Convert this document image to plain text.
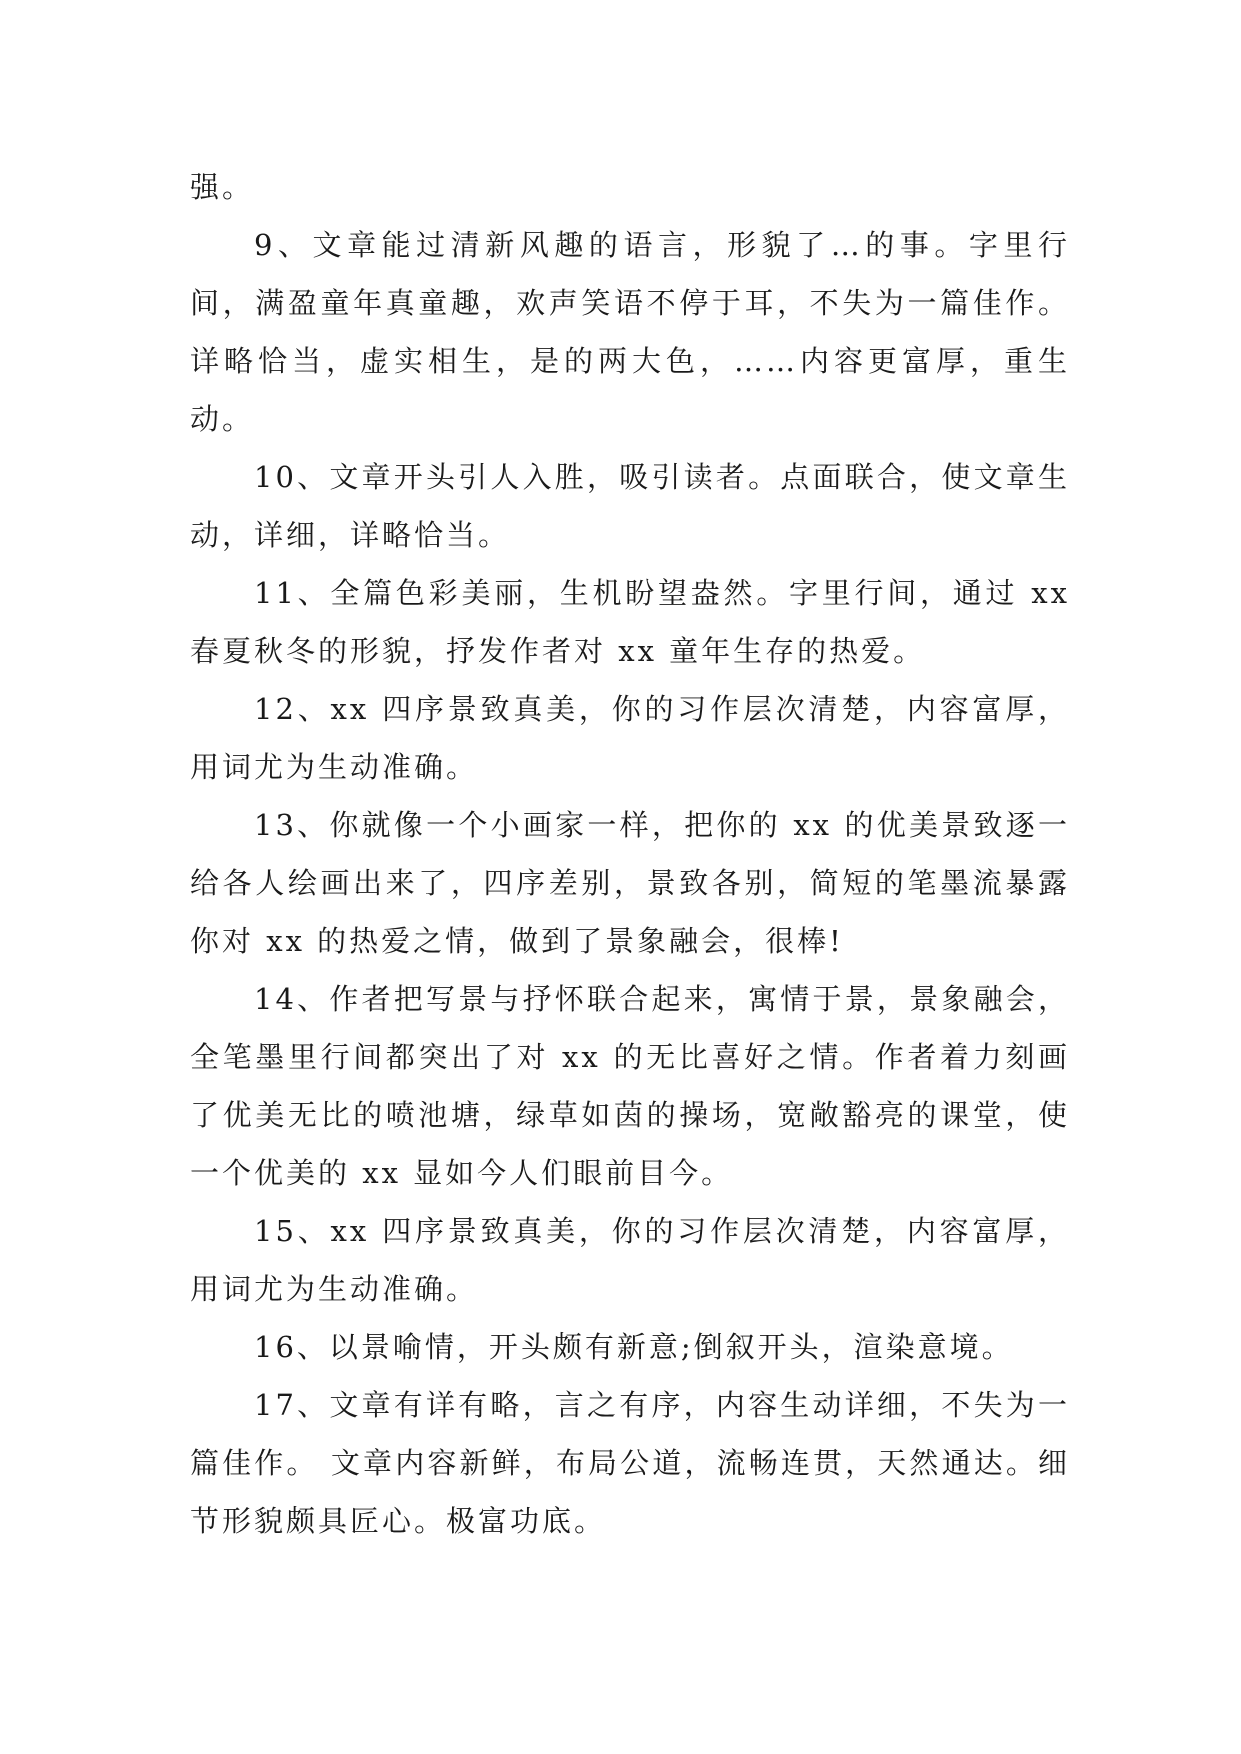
强。

9、文章能过清新风趣的语言，形貌了…的事。字里行间，满盈童年真童趣，欢声笑语不停于耳，不失为一篇佳作。详略恰当，虚实相生，是的两大色，……内容更富厚，重生动。

10、文章开头引人入胜，吸引读者。点面联合，使文章生动，详细，详略恰当。

11、全篇色彩美丽，生机盼望盎然。字里行间，通过 xx 春夏秋冬的形貌，抒发作者对 xx 童年生存的热爱。

12、xx 四序景致真美，你的习作层次清楚，内容富厚，用词尤为生动准确。

13、你就像一个小画家一样，把你的 xx 的优美景致逐一给各人绘画出来了，四序差别，景致各别，简短的笔墨流暴露你对 xx 的热爱之情，做到了景象融会，很棒!

14、作者把写景与抒怀联合起来，寓情于景，景象融会，全笔墨里行间都突出了对 xx 的无比喜好之情。作者着力刻画了优美无比的喷池塘，绿草如茵的操场，宽敞豁亮的课堂，使一个优美的 xx 显如今人们眼前目今。

15、xx 四序景致真美，你的习作层次清楚，内容富厚，用词尤为生动准确。

16、以景喻情，开头颇有新意;倒叙开头，渲染意境。

17、文章有详有略，言之有序，内容生动详细，不失为一篇佳作。 文章内容新鲜，布局公道，流畅连贯，天然通达。细节形貌颇具匠心。极富功底。
